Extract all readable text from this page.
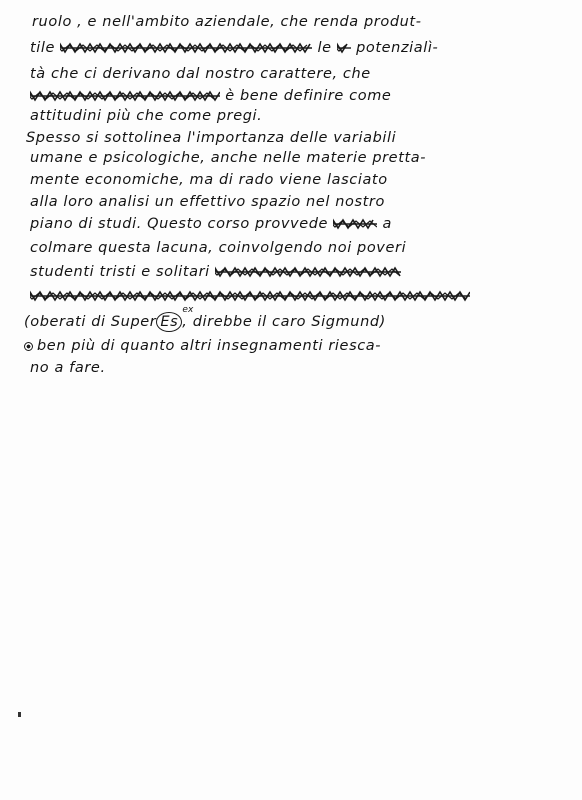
ruolo , e nell'ambito aziendale, che renda produt-
tile	le
potenzialì-
tà che ci derivano dal nostro carattere, che
è bene definire come
attitudini più che come pregi.
Spesso si sottolinea l'importanza delle variabili
umane e psicologiche, anche nelle materie pretta-
mente economiche, ma di rado viene lasciato
alla loro analisi un effettivo spazio nel nostro
piano di studi. Questo corso provvede	a
colmare questa lacuna, coinvolgendo noi poveri
studenti tristi e solitari
(oberati di Super Es
ex
, direbbe il caro Sigmund)
ben più di quanto altri insegnamenti riesca-
no a fare.
